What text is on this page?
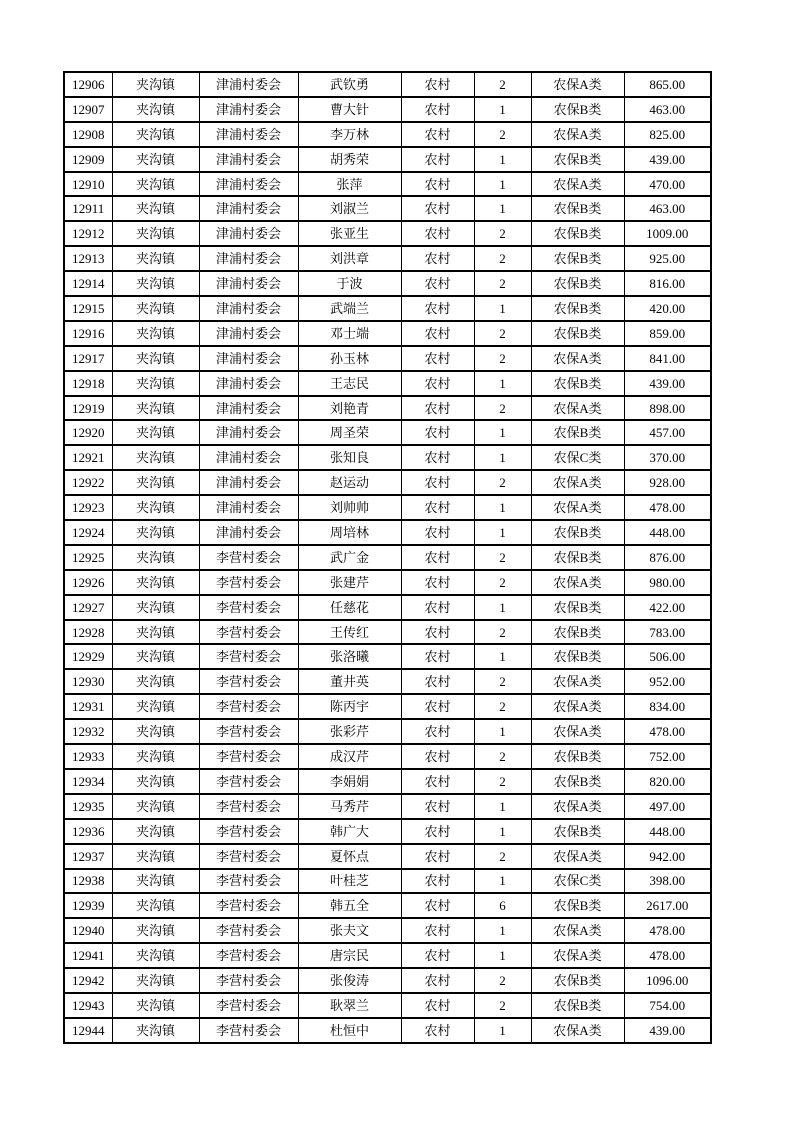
12906	夹沟镇	津浦村委会	武钦勇	农村	2	农保A类	865.00
12907	夹沟镇	津浦村委会	曹大针	农村	1	农保B类	463.00
12908	夹沟镇	津浦村委会	李万林	农村	2	农保A类	825.00
12909	夹沟镇	津浦村委会	胡秀荣	农村	1	农保B类	439.00
12910	夹沟镇	津浦村委会	张萍	农村	1	农保A类	470.00
12911	夹沟镇	津浦村委会	刘淑兰	农村	1	农保B类	463.00
12912	夹沟镇	津浦村委会	张亚生	农村	2	农保B类	1009.00
12913	夹沟镇	津浦村委会	刘洪章	农村	2	农保B类	925.00
12914	夹沟镇	津浦村委会	于波	农村	2	农保B类	816.00
12915	夹沟镇	津浦村委会	武端兰	农村	1	农保B类	420.00
12916	夹沟镇	津浦村委会	邓士端	农村	2	农保B类	859.00
12917	夹沟镇	津浦村委会	孙玉林	农村	2	农保A类	841.00
12918	夹沟镇	津浦村委会	王志民	农村	1	农保B类	439.00
12919	夹沟镇	津浦村委会	刘艳青	农村	2	农保A类	898.00
12920	夹沟镇	津浦村委会	周圣荣	农村	1	农保B类	457.00
12921	夹沟镇	津浦村委会	张知良	农村	1	农保C类	370.00
12922	夹沟镇	津浦村委会	赵运动	农村	2	农保A类	928.00
12923	夹沟镇	津浦村委会	刘帅帅	农村	1	农保A类	478.00
12924	夹沟镇	津浦村委会	周培林	农村	1	农保B类	448.00
12925	夹沟镇	李营村委会	武广金	农村	2	农保B类	876.00
12926	夹沟镇	李营村委会	张建芹	农村	2	农保A类	980.00
12927	夹沟镇	李营村委会	任慈花	农村	1	农保B类	422.00
12928	夹沟镇	李营村委会	王传红	农村	2	农保B类	783.00
12929	夹沟镇	李营村委会	张洛曦	农村	1	农保B类	506.00
12930	夹沟镇	李营村委会	董井英	农村	2	农保A类	952.00
12931	夹沟镇	李营村委会	陈丙宇	农村	2	农保A类	834.00
12932	夹沟镇	李营村委会	张彩芹	农村	1	农保A类	478.00
12933	夹沟镇	李营村委会	成汉芹	农村	2	农保B类	752.00
12934	夹沟镇	李营村委会	李娟娟	农村	2	农保B类	820.00
12935	夹沟镇	李营村委会	马秀芹	农村	1	农保A类	497.00
12936	夹沟镇	李营村委会	韩广大	农村	1	农保B类	448.00
12937	夹沟镇	李营村委会	夏怀点	农村	2	农保A类	942.00
12938	夹沟镇	李营村委会	叶桂芝	农村	1	农保C类	398.00
12939	夹沟镇	李营村委会	韩五全	农村	6	农保B类	2617.00
12940	夹沟镇	李营村委会	张夫文	农村	1	农保A类	478.00
12941	夹沟镇	李营村委会	唐宗民	农村	1	农保A类	478.00
12942	夹沟镇	李营村委会	张俊涛	农村	2	农保B类	1096.00
12943	夹沟镇	李营村委会	耿翠兰	农村	2	农保B类	754.00
12944	夹沟镇	李营村委会	杜恒中	农村	1	农保A类	439.00
